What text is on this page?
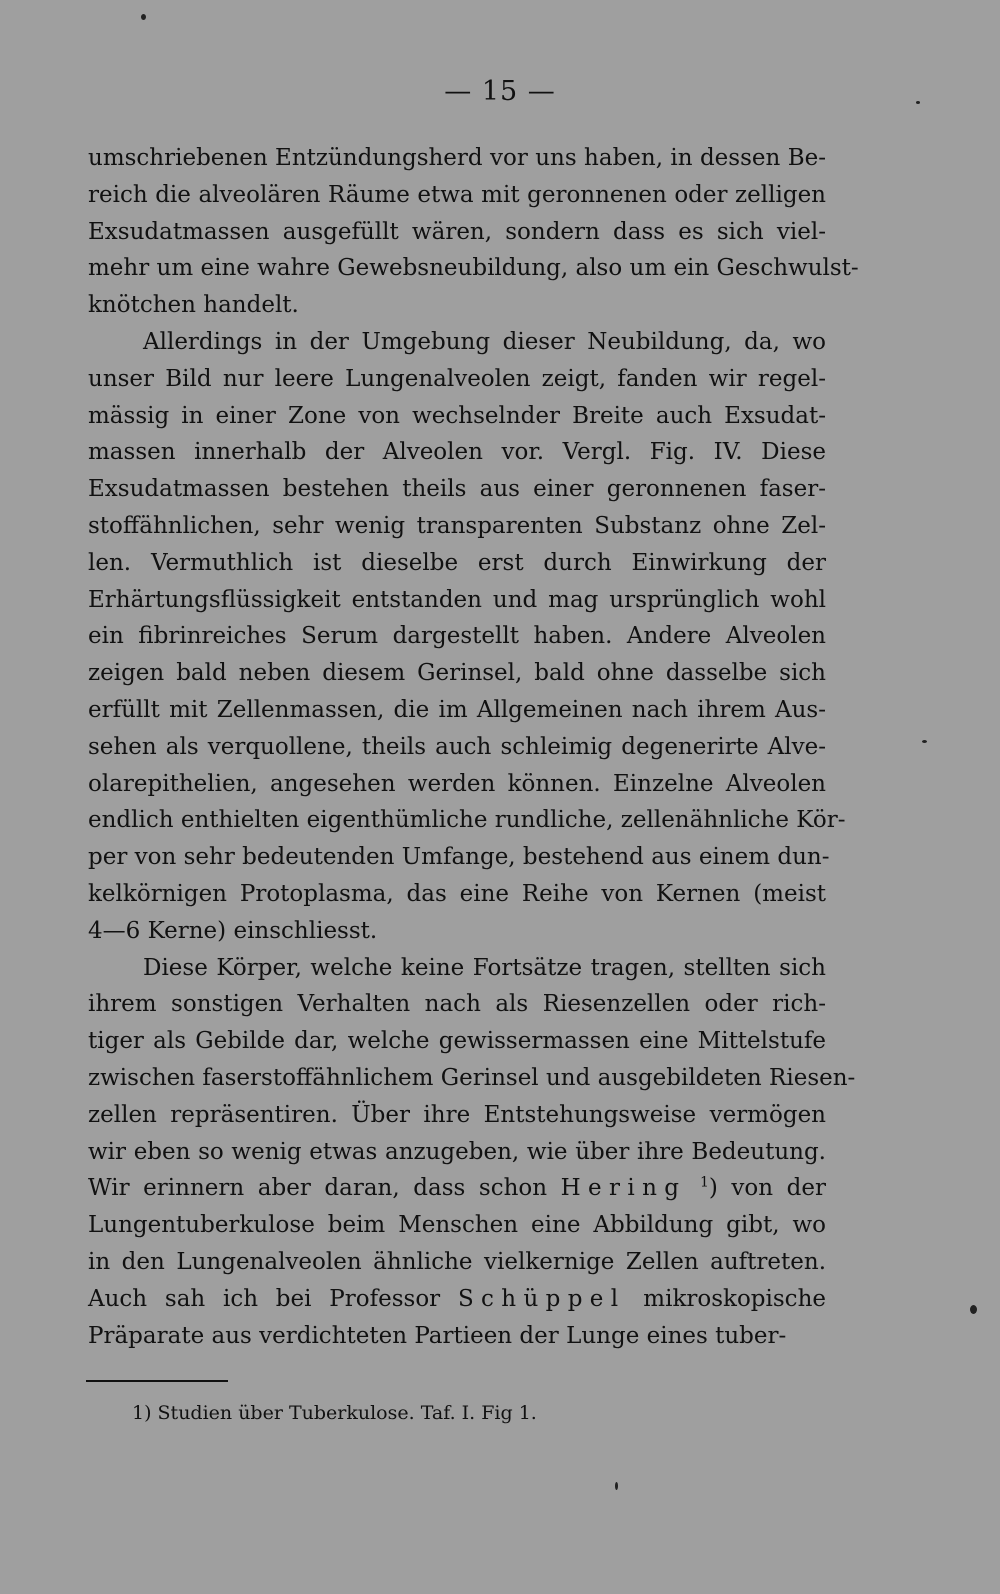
— 15 —
umschriebenen Entzündungsherd vor uns haben, in dessen Be-
reich die alveolären Räume etwa mit geronnenen oder zelligen
Exsudatmassen ausgefüllt wären, sondern dass es sich viel-
mehr um eine wahre Gewebsneubildung, also um ein Geschwulst-
knötchen handelt.
Allerdings in der Umgebung dieser Neubildung, da, wo
unser Bild nur leere Lungenalveolen zeigt, fanden wir regel-
mässig in einer Zone von wechselnder Breite auch Exsudat-
massen innerhalb der Alveolen vor. Vergl. Fig. IV. Diese
Exsudatmassen bestehen theils aus einer geronnenen faser-
stoffähnlichen, sehr wenig transparenten Substanz ohne Zel-
len. Vermuthlich ist dieselbe erst durch Einwirkung der
Erhärtungsflüssigkeit entstanden und mag ursprünglich wohl
ein fibrinreiches Serum dargestellt haben. Andere Alveolen
zeigen bald neben diesem Gerinsel, bald ohne dasselbe sich
erfüllt mit Zellenmassen, die im Allgemeinen nach ihrem Aus-
sehen als verquollene, theils auch schleimig degenerirte Alve-
olarepithelien, angesehen werden können. Einzelne Alveolen
endlich enthielten eigenthümliche rundliche, zellenähnliche Kör-
per von sehr bedeutenden Umfange, bestehend aus einem dun-
kelkörnigen Protoplasma, das eine Reihe von Kernen (meist
4—6 Kerne) einschliesst.
Diese Körper, welche keine Fortsätze tragen, stellten sich
ihrem sonstigen Verhalten nach als Riesenzellen oder rich-
tiger als Gebilde dar, welche gewissermassen eine Mittelstufe
zwischen faserstoffähnlichem Gerinsel und ausgebildeten Riesen-
zellen repräsentiren. Über ihre Entstehungsweise vermögen
wir eben so wenig etwas anzugeben, wie über ihre Bedeutung.
Wir erinnern aber daran, dass schon Hering $^1$) von der
Lungentuberkulose beim Menschen eine Abbildung gibt, wo
in den Lungenalveolen ähnliche vielkernige Zellen auftreten.
Auch sah ich bei Professor Schüppel mikroskopische
Präparate aus verdichteten Partieen der Lunge eines tuber-
1) Studien über Tuberkulose. Taf. I. Fig 1.
